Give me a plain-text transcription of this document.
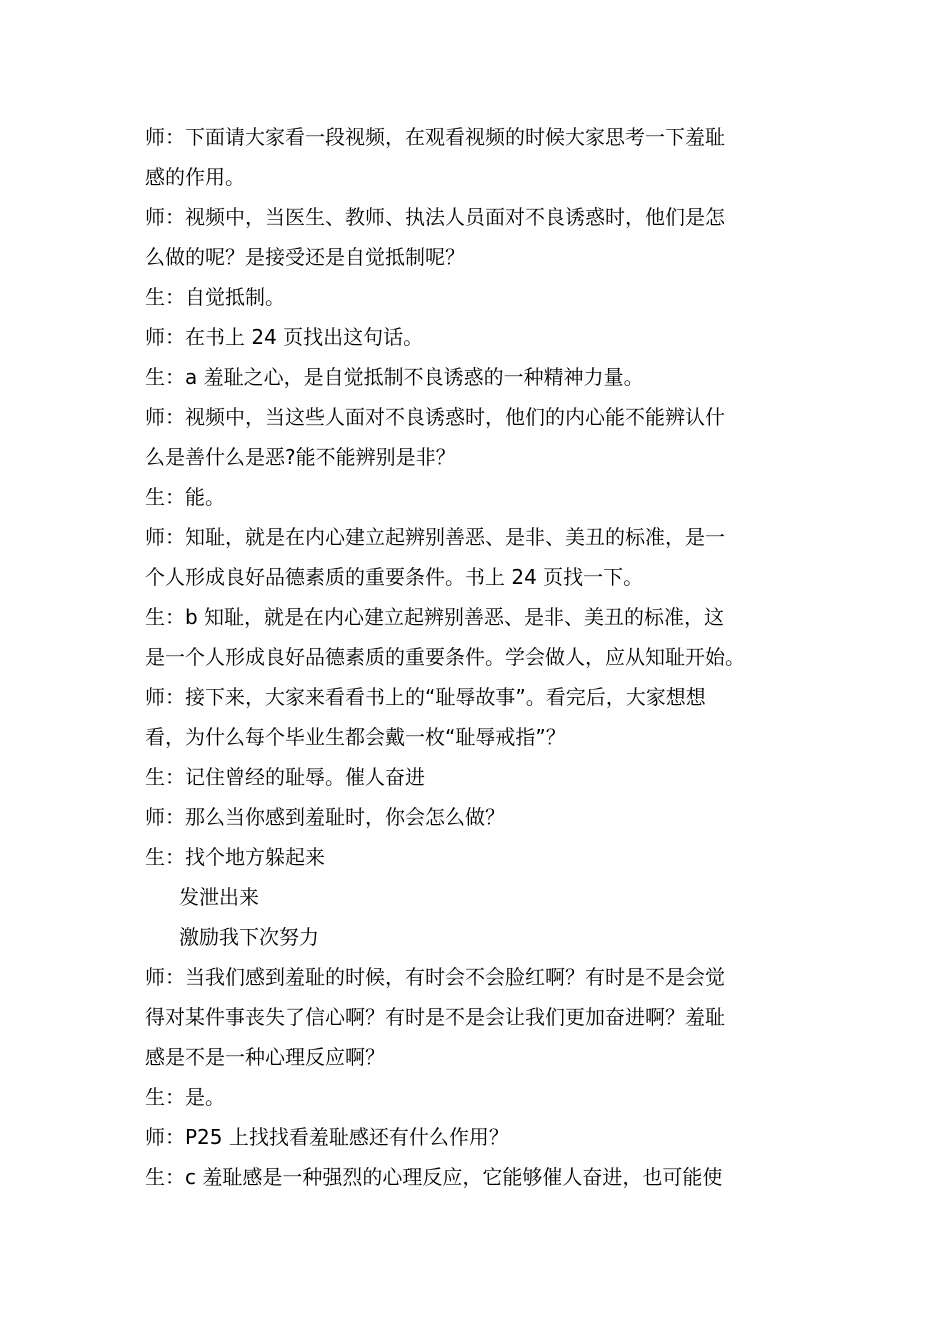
师：下面请大家看一段视频，在观看视频的时候大家思考一下羞耻
感的作用。
师：视频中，当医生、教师、执法人员面对不良诱惑时，他们是怎
么做的呢？是接受还是自觉抵制呢？
生：自觉抵制。
师：在书上 24 页找出这句话。
生：a 羞耻之心，是自觉抵制不良诱惑的一种精神力量。
师：视频中，当这些人面对不良诱惑时，他们的内心能不能辨认什
么是善什么是恶?能不能辨别是非？
生：能。
师：知耻，就是在内心建立起辨别善恶、是非、美丑的标准，是一
个人形成良好品德素质的重要条件。书上 24 页找一下。
生：b 知耻，就是在内心建立起辨别善恶、是非、美丑的标准，这
是一个人形成良好品德素质的重要条件。学会做人，应从知耻开始。
师：接下来，大家来看看书上的“耻辱故事”。看完后，大家想想
看，为什么每个毕业生都会戴一枚“耻辱戒指”？
生：记住曾经的耻辱。催人奋进
师：那么当你感到羞耻时，你会怎么做？
生：找个地方躲起来
发泄出来
激励我下次努力
师：当我们感到羞耻的时候，有时会不会脸红啊？有时是不是会觉
得对某件事丧失了信心啊？有时是不是会让我们更加奋进啊？羞耻
感是不是一种心理反应啊？
生：是。
师：P25 上找找看羞耻感还有什么作用？
生：c 羞耻感是一种强烈的心理反应，它能够催人奋进，也可能使
